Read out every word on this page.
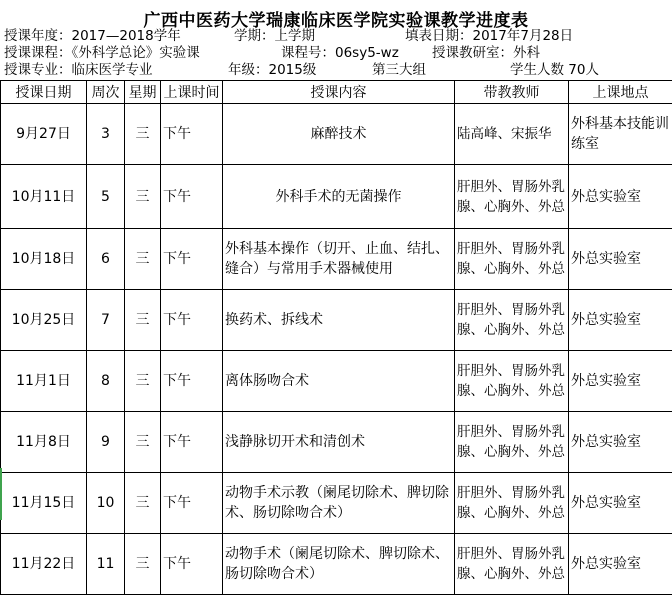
广西中医药大学瑞康临床医学院实验课教学进度表
授课年度：2017—2018学年	学期：上学期	填表日期：2017年7月28日
授课课程：《外科学总论》实验课	课程号：06sy5-wz 授课教研室：外科
授课专业：临床医学专业	年级：2015级	第三大组	学生人数 70人
授课日期	周次	星期	上课时间	授课内容	带教教师	上课地点
9月27日	3	三	下午	麻醉技术	陆高峰、宋振华	外科基本技能训练室
10月11日	5	三	下午	外科手术的无菌操作	肝胆外、胃肠外乳腺、心胸外、外总	外总实验室
10月18日	6	三	下午	外科基本操作（切开、止血、结扎、缝合）与常用手术器械使用	肝胆外、胃肠外乳腺、心胸外、外总	外总实验室
10月25日	7	三	下午	换药术、拆线术	肝胆外、胃肠外乳腺、心胸外、外总	外总实验室
11月1日	8	三	下午	离体肠吻合术	肝胆外、胃肠外乳腺、心胸外、外总	外总实验室
11月8日	9	三	下午	浅静脉切开术和清创术	肝胆外、胃肠外乳腺、心胸外、外总	外总实验室
11月15日	10	三	下午	动物手术示教（阑尾切除术、脾切除术、肠切除吻合术）	肝胆外、胃肠外乳腺、心胸外、外总	外总实验室
11月22日	11	三	下午	动物手术（阑尾切除术、脾切除术、肠切除吻合术）	肝胆外、胃肠外乳腺、心胸外、外总	外总实验室
